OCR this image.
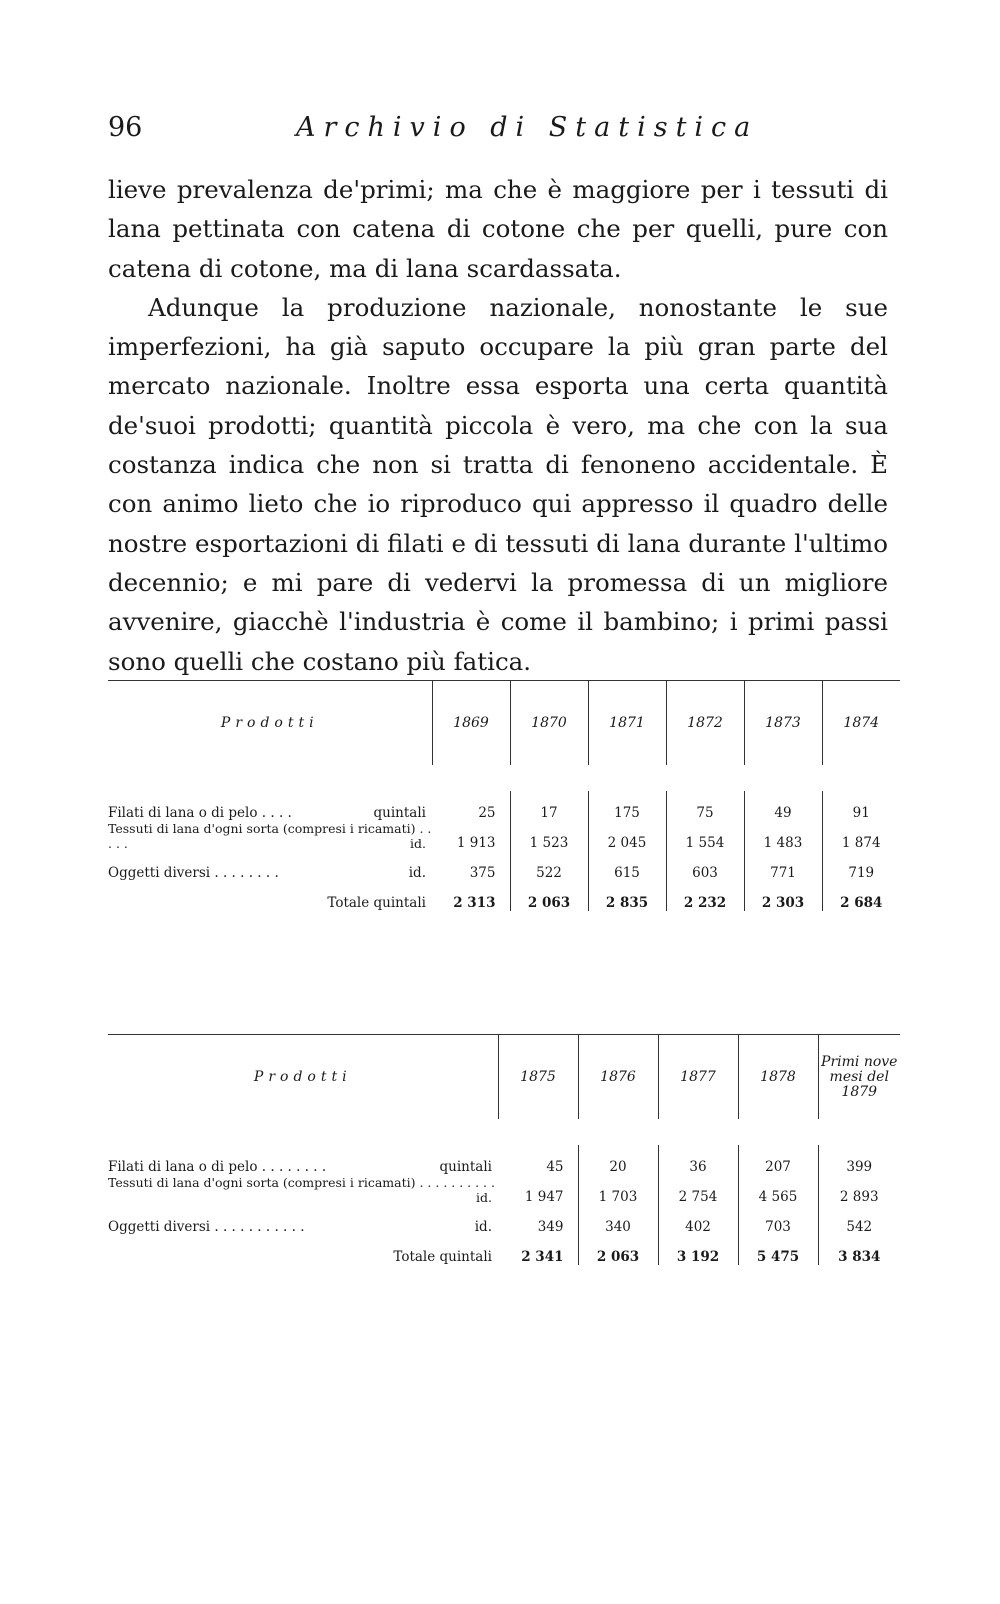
96	Archivio di Statistica

lieve prevalenza de'primi; ma che è maggiore per i tessuti di lana pettinata con catena di cotone che per quelli, pure con catena di cotone, ma di lana scardassata.

Adunque la produzione nazionale, nonostante le sue imperfezioni, ha già saputo occupare la più gran parte del mercato nazionale. Inoltre essa esporta una certa quantità de'suoi prodotti; quantità piccola è vero, ma che con la sua costanza indica che non si tratta di fenoneno accidentale. È con animo lieto che io riproduco qui appresso il quadro delle nostre esportazioni di filati e di tessuti di lana durante l'ultimo decennio; e mi pare di vedervi la promessa di un migliore avvenire, giacchè l'industria è come il bambino; i primi passi sono quelli che costano più fatica.

Prodotti	1869	1870	1871	1872	1873	1874

Filati di lana o di pelo . . . . quintali	25	17	175	75	49	91
Tessuti di lana d'ogni sorta (compresi i ricamati) . . . . . id.	1 913	1 523	2 045	1 554	1 483	1 874
Oggetti diversi . . . . . . . . id.	375	522	615	603	771	719
Totale quintali	2 313	2 063	2 835	2 232	2 303	2 684
Prodotti	1875	1876	1877	1878	Primi nove mesi del 1879

Filati di lana o di pelo . . . . . . . . quintali	45	20	36	207	399
Tessuti di lana d'ogni sorta (compresi i ricamati) . . . . . . . . . .
id.	1 947	1 703	2 754	4 565	2 893
Oggetti diversi . . . . . . . . . . . id.	349	340	402	703	542
Totale quintali	2 341	2 063	3 192	5 475	3 834
